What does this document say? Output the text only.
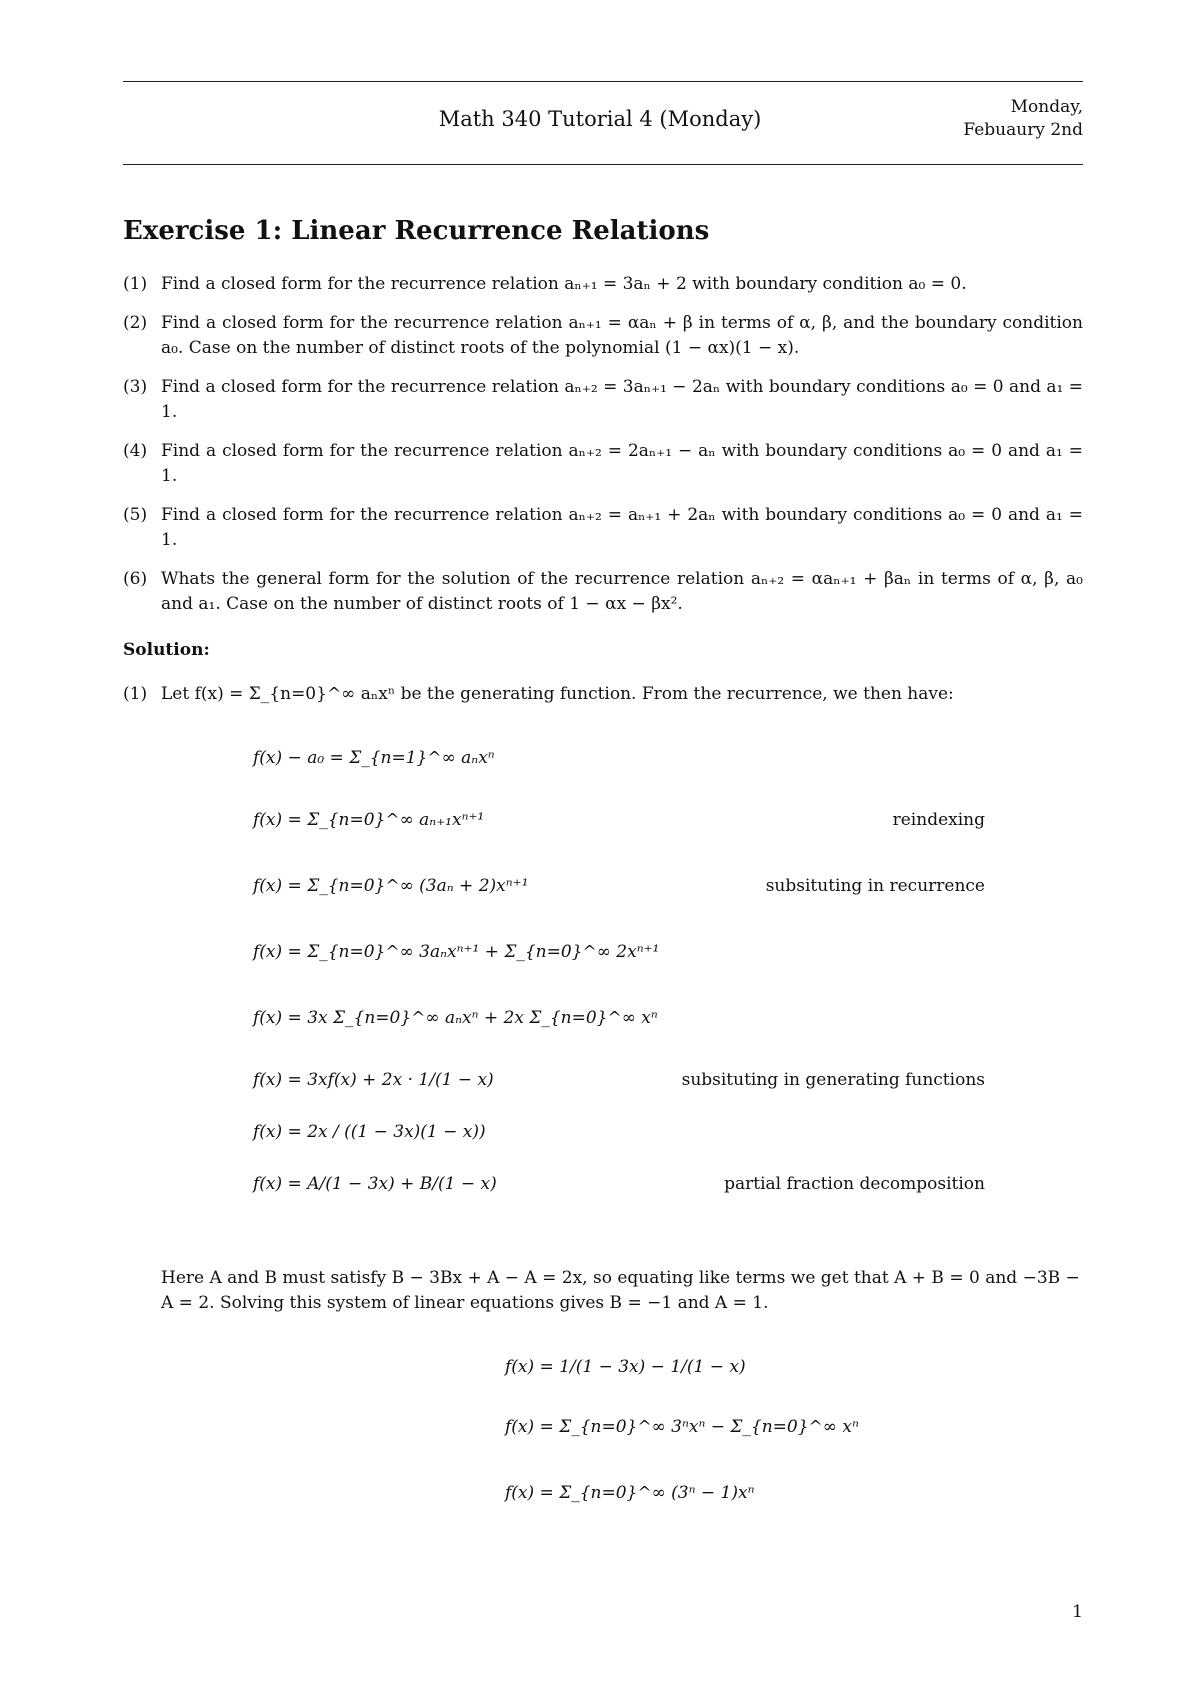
Math 340 Tutorial 4 (Monday)	Monday,
Febuaury 2nd
Exercise 1: Linear Recurrence Relations
(1) Find a closed form for the recurrence relation aₙ₊₁ = 3aₙ + 2 with boundary condition a₀ = 0.
(2) Find a closed form for the recurrence relation aₙ₊₁ = αaₙ + β in terms of α, β, and the boundary condition a₀. Case on the number of distinct roots of the polynomial (1 − αx)(1 − x).
(3) Find a closed form for the recurrence relation aₙ₊₂ = 3aₙ₊₁ − 2aₙ with boundary conditions a₀ = 0 and a₁ = 1.
(4) Find a closed form for the recurrence relation aₙ₊₂ = 2aₙ₊₁ − aₙ with boundary conditions a₀ = 0 and a₁ = 1.
(5) Find a closed form for the recurrence relation aₙ₊₂ = aₙ₊₁ + 2aₙ with boundary conditions a₀ = 0 and a₁ = 1.
(6) Whats the general form for the solution of the recurrence relation aₙ₊₂ = αaₙ₊₁ + βaₙ in terms of α, β, a₀ and a₁. Case on the number of distinct roots of 1 − αx − βx².
Solution:
(1) Let f(x) = Σ_{n=0}^∞ aₙxⁿ be the generating function. From the recurrence, we then have:
f(x) − a₀ = Σ_{n=1}^∞ aₙxⁿ
f(x) = Σ_{n=0}^∞ aₙ₊₁xⁿ⁺¹	reindexing
f(x) = Σ_{n=0}^∞ (3aₙ + 2)xⁿ⁺¹	subsituting in recurrence
f(x) = Σ_{n=0}^∞ 3aₙxⁿ⁺¹ + Σ_{n=0}^∞ 2xⁿ⁺¹
f(x) = 3x Σ_{n=0}^∞ aₙxⁿ + 2x Σ_{n=0}^∞ xⁿ
f(x) = 3xf(x) + 2x · 1/(1 − x)	subsituting in generating functions
f(x) = 2x / ((1 − 3x)(1 − x))
f(x) = A/(1 − 3x) + B/(1 − x)	partial fraction decomposition
Here A and B must satisfy B − 3Bx + A − A = 2x, so equating like terms we get that A + B = 0 and −3B − A = 2. Solving this system of linear equations gives B = −1 and A = 1.
f(x) = 1/(1 − 3x) − 1/(1 − x)
f(x) = Σ_{n=0}^∞ 3ⁿxⁿ − Σ_{n=0}^∞ xⁿ
f(x) = Σ_{n=0}^∞ (3ⁿ − 1)xⁿ
1
